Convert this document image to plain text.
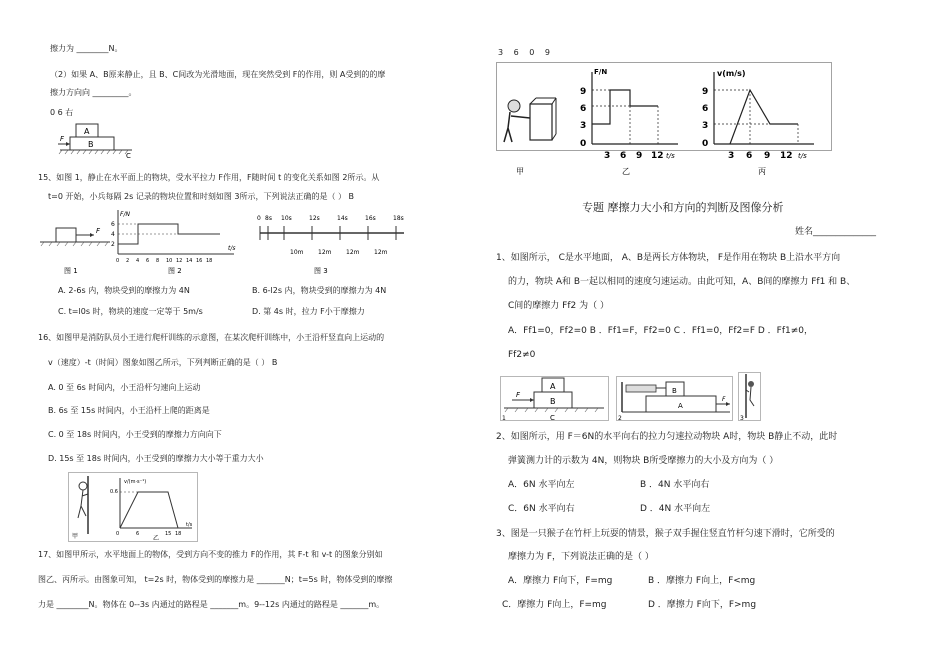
擦力为 ________N。
（2）如果 A、B原来静止，且 B、C间改为光滑地面，现在突然受到 F的作用，则 A受到的的摩
擦力方向向 _________。
0 6 右
A
B
C
F
15、如图 1，静止在水平面上的物块，受水平拉力 F作用，F随时间 t 的变化关系如图 2所示。从
t=0 开始，小兵每隔 2s 记录的物块位置和时刻如图 3所示，下列说法正确的是（ ） B
F
图 1
F/N
t/s
6
4
2
0 2 4 6 8 10 12 14 16 18
图 2
0 8s 10s	12s	14s	16s	18s
10m 12m 12m 12m
图 3
A. 2-6s 内，物块受到的摩擦力为 4N	B. 6-l2s 内，物块受到的摩擦力为 4N
C. t=l0s 时，物块的速度一定等于 5m/s	D. 第 4s 时，拉力 F小于摩擦力
16、如图甲是消防队员小王进行爬杆训练的示意图，在某次爬杆训练中，小王沿杆竖直向上运动的
v（速度）-t（时间）图象如图乙所示，下列判断正确的是（ ） B
A. 0 至 6s 时间内，小王沿杆匀速向上运动
B. 6s 至 15s 时间内，小王沿杆上爬的距离是
C. 0 至 18s 时间内，小王受到的摩擦力方向向下
D. 15s 至 18s 时间内，小王受到的摩擦力大小等于重力大小
甲
v/(m·s⁻¹)
0.6
0	6	15 18
t/s
乙
17、如图甲所示，水平地面上的物体，受到方向不变的推力 F的作用，其 F-t 和 v-t 的图象分别如
图乙、丙所示。由图象可知， t=2s 时，物体受到的摩擦力是 _______N；t=5s 时，物体受到的摩擦
力是 ________N。物体在 0--3s 内通过的路程是 _______m。9--12s 内通过的路程是 _______m。
3 6 0 9
甲
F/N
9
6
3
0
3 6 9 12 t/s
乙
v(m/s)
9
6
3
0
3 6 9 12 t/s
丙
专题 摩擦力大小和方向的判断及图像分析
姓名______________
1、如图所示， C是水平地面， A、B是两长方体物块， F是作用在物块 B上沿水平方向
的力，物块 A和 B一起以相同的速度匀速运动。由此可知，A、B间的摩擦力 Ff1 和 B、
C间的摩擦力 Ff2 为（ ）
A．Ff1=0，Ff2=0 B ．Ff1=F，Ff2=0 C ．Ff1=0，Ff2=F D ．Ff1≠0，
Ff2≠0
A
B
F
1	C
B
A
F
2	3
2、如图所示，用 F＝6N的水平向右的拉力匀速拉动物块 A时，物块 B静止不动，此时
弹簧测力计的示数为 4N，则物块 B所受摩擦力的大小及方向为（ ）
A．6N 水平向左	B ．4N 水平向右
C．6N 水平向右	D ．4N 水平向左
3、图是一只猴子在竹杆上玩耍的情景，猴子双手握住竖直竹杆匀速下滑时，它所受的
摩擦力为 F，下列说法正确的是（ ）
A．摩擦力 F向下，F=mg	B ．摩擦力 F向上，F<mg
C．摩擦力 F向上，F=mg	D ．摩擦力 F向下，F>mg
